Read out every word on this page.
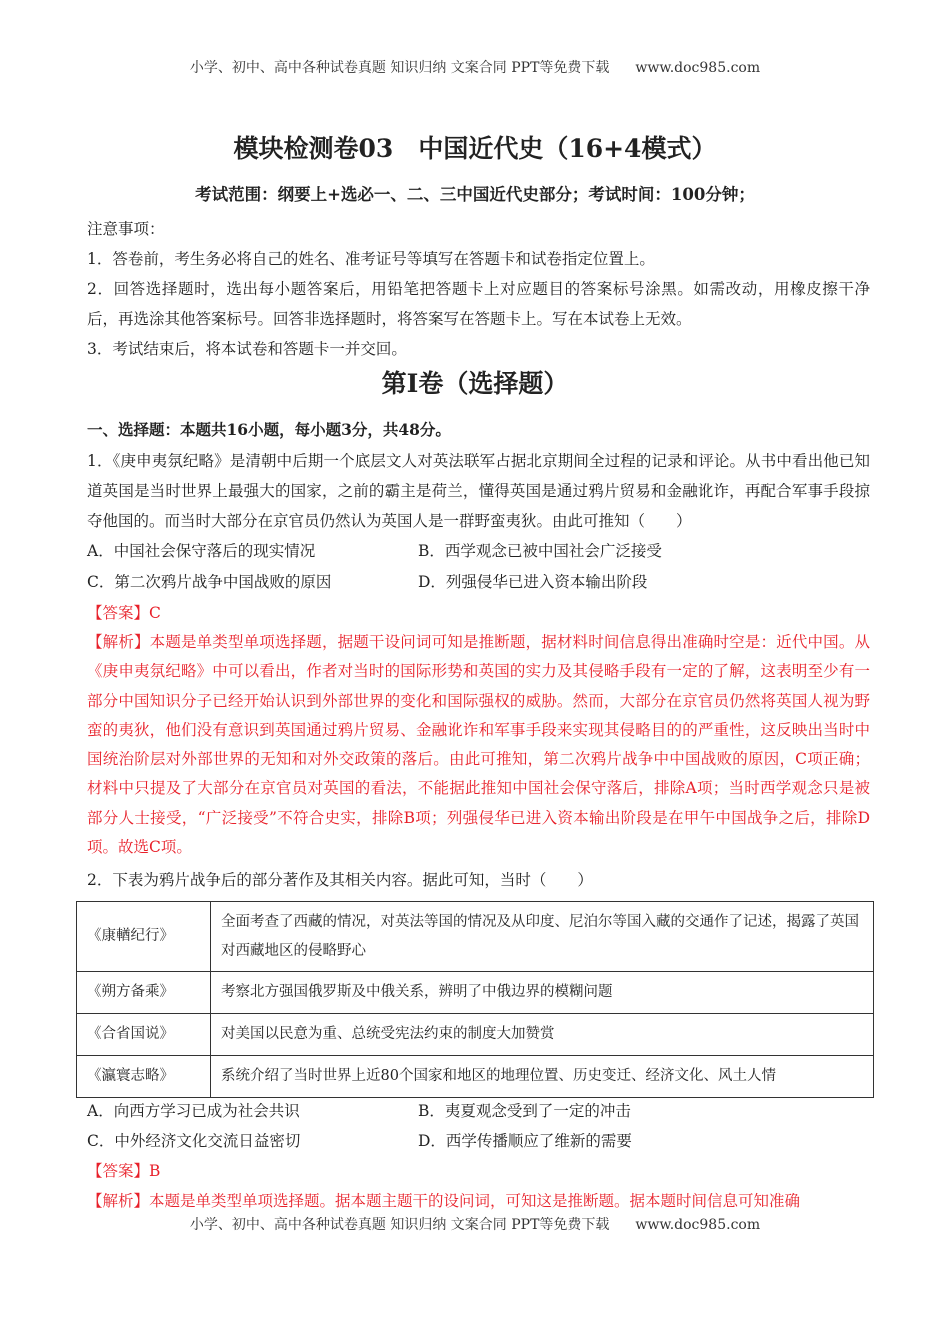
小学、初中、高中各种试卷真题 知识归纳 文案合同 PPT等免费下载 www.doc985.com
模块检测卷03　中国近代史（16+4模式）
考试范围：纲要上+选必一、二、三中国近代史部分；考试时间：100分钟；
注意事项：
1．答卷前，考生务必将自己的姓名、准考证号等填写在答题卡和试卷指定位置上。
2．回答选择题时，选出每小题答案后，用铅笔把答题卡上对应题目的答案标号涂黑。如需改动，用橡皮擦干净后，再选涂其他答案标号。回答非选择题时，将答案写在答题卡上。写在本试卷上无效。
3．考试结束后，将本试卷和答题卡一并交回。
第I卷（选择题）
一、选择题：本题共16小题，每小题3分，共48分。
1．《庚申夷氛纪略》是清朝中后期一个底层文人对英法联军占据北京期间全过程的记录和评论。从书中看出他已知道英国是当时世界上最强大的国家，之前的霸主是荷兰，懂得英国是通过鸦片贸易和金融讹诈，再配合军事手段掠夺他国的。而当时大部分在京官员仍然认为英国人是一群野蛮夷狄。由此可推知（　　）
A．中国社会保守落后的现实情况	B．西学观念已被中国社会广泛接受
C．第二次鸦片战争中国战败的原因	D．列强侵华已进入资本输出阶段
【答案】C
【解析】本题是单类型单项选择题，据题干设问词可知是推断题，据材料时间信息得出准确时空是：近代中国。从《庚申夷氛纪略》中可以看出，作者对当时的国际形势和英国的实力及其侵略手段有一定的了解，这表明至少有一部分中国知识分子已经开始认识到外部世界的变化和国际强权的威胁。然而，大部分在京官员仍然将英国人视为野蛮的夷狄，他们没有意识到英国通过鸦片贸易、金融讹诈和军事手段来实现其侵略目的的严重性，这反映出当时中国统治阶层对外部世界的无知和对外交政策的落后。由此可推知，第二次鸦片战争中中国战败的原因，C项正确；材料中只提及了大部分在京官员对英国的看法，不能据此推知中国社会保守落后，排除A项；当时西学观念只是被部分人士接受，“广泛接受”不符合史实，排除B项；列强侵华已进入资本输出阶段是在甲午中国战争之后，排除D项。故选C项。
2．下表为鸦片战争后的部分著作及其相关内容。据此可知，当时（　　）
《康輶纪行》	全面考查了西藏的情况，对英法等国的情况及从印度、尼泊尔等国入藏的交通作了记述，揭露了英国对西藏地区的侵略野心
《朔方备乘》	考察北方强国俄罗斯及中俄关系，辨明了中俄边界的模糊问题
《合省国说》	对美国以民意为重、总统受宪法约束的制度大加赞赏
《瀛寰志略》	系统介绍了当时世界上近80个国家和地区的地理位置、历史变迁、经济文化、风土人情
A．向西方学习已成为社会共识	B．夷夏观念受到了一定的冲击
C．中外经济文化交流日益密切	D．西学传播顺应了维新的需要
【答案】B
【解析】本题是单类型单项选择题。据本题主题干的设问词，可知这是推断题。据本题时间信息可知准确
小学、初中、高中各种试卷真题 知识归纳 文案合同 PPT等免费下载 www.doc985.com
